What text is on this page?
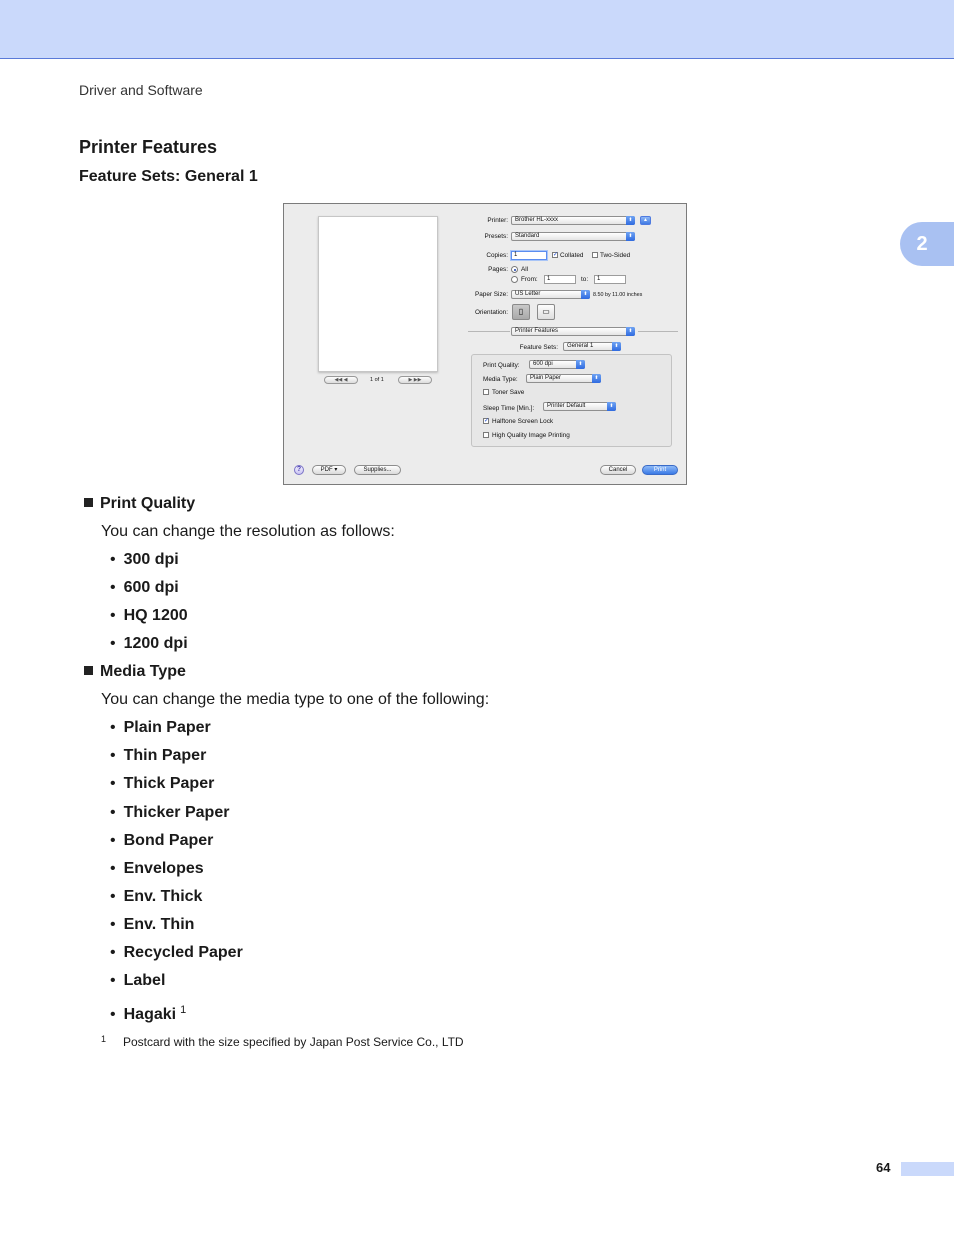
Driver and Software
2
Printer Features
Feature Sets: General 1
◀◀ ◀	1 of 1	▶ ▶▶
Printer:	Brother HL-xxxx	⬍	▲
Presets:	Standard	⬍
Copies:	1	✓ Collated	Two-Sided
Pages: All
From:	1	to:	1
Paper Size:	US Letter	⬍	8.50 by 11.00 inches
Orientation:	▯	▭
Printer Features	⬍
Feature Sets:	General 1	⬍
Print Quality:	600 dpi	⬍
Media Type:	Plain Paper	⬍
Toner Save
Sleep Time [Min.]:	Printer Default	⬍
✓ Halftone Screen Lock
High Quality Image Printing
?	PDF ▾	Supplies...	Cancel	Print
Print Quality
You can change the resolution as follows:
• 300 dpi
• 600 dpi
• HQ 1200
• 1200 dpi
Media Type
You can change the media type to one of the following:
• Plain Paper
• Thin Paper
• Thick Paper
• Thicker Paper
• Bond Paper
• Envelopes
• Env. Thick
• Env. Thin
• Recycled Paper
• Label
• Hagaki $^1$
1 Postcard with the size specified by Japan Post Service Co., LTD
64
